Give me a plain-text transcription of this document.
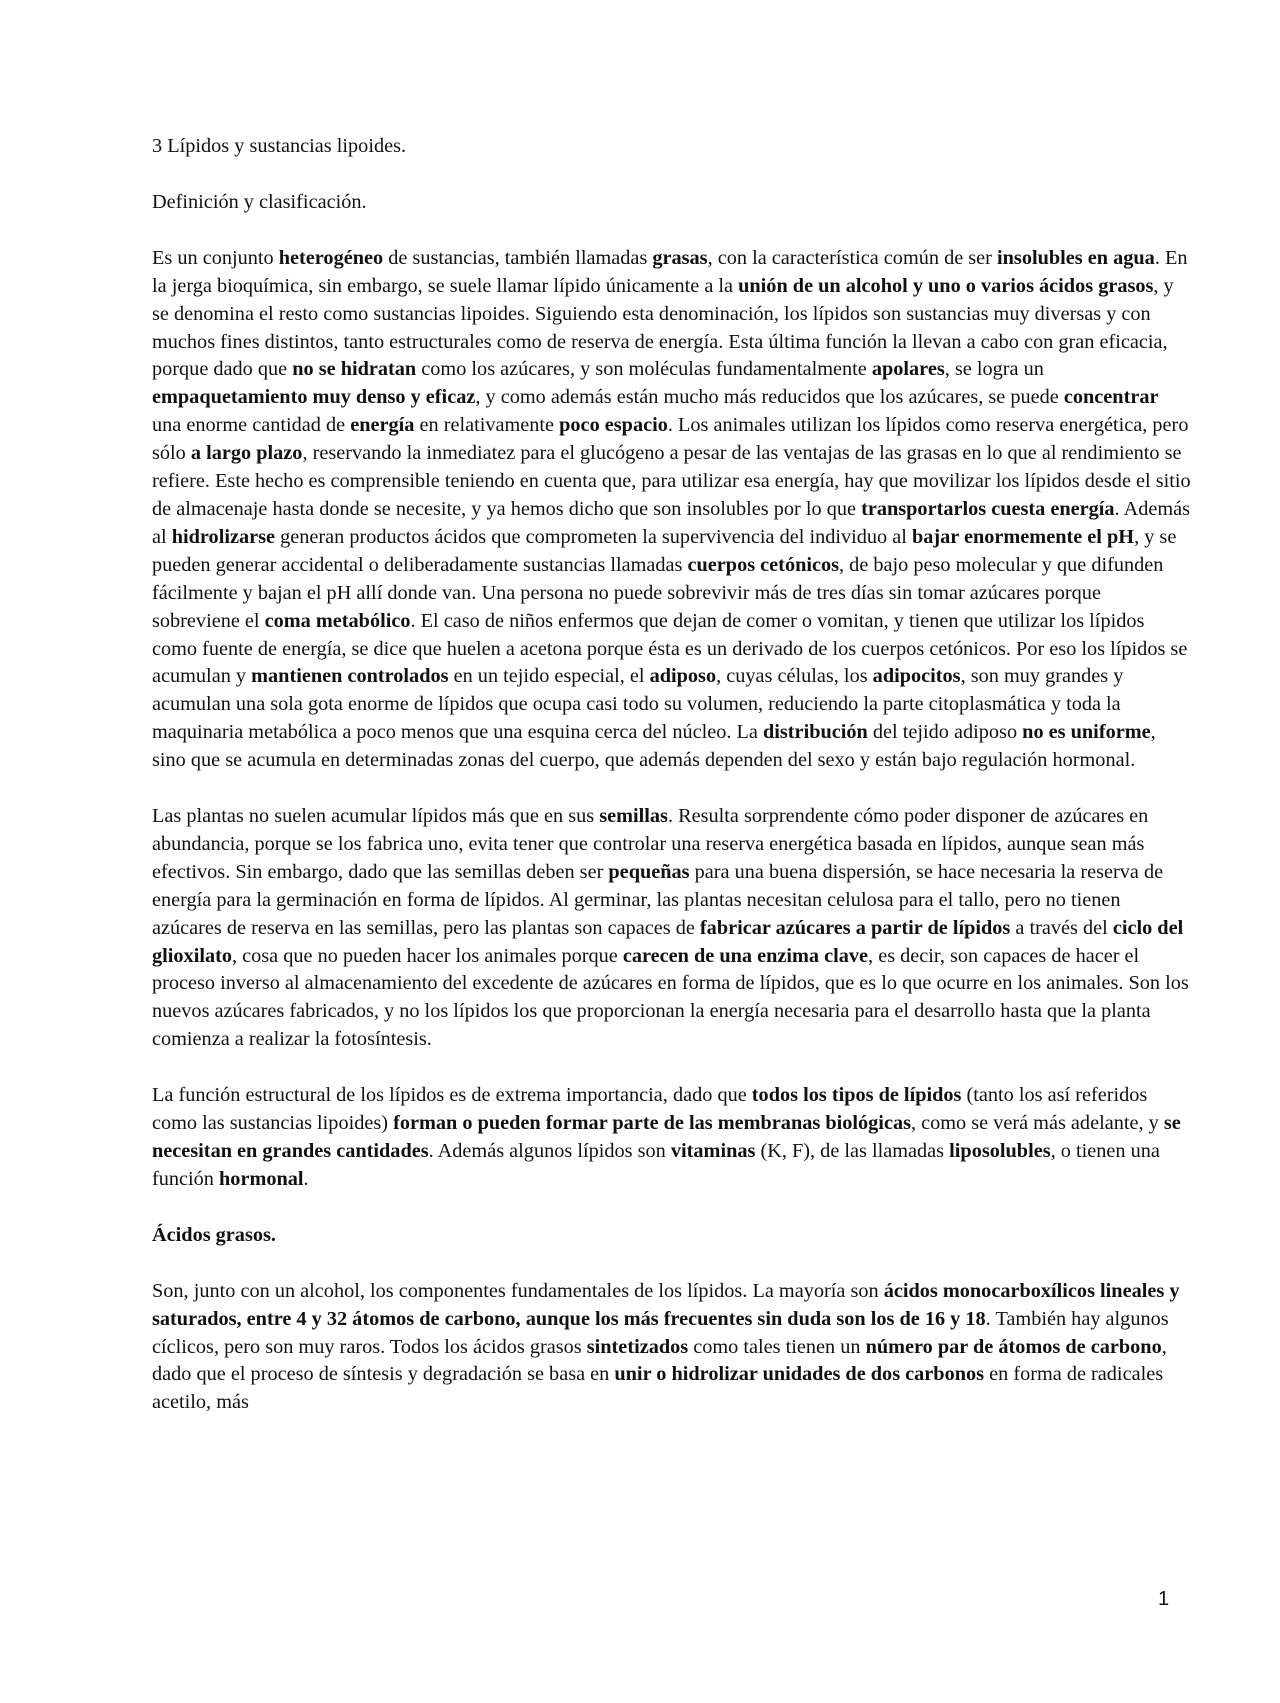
3 Lípidos y sustancias lipoides.

Definición y clasificación.

Es un conjunto heterogéneo de sustancias, también llamadas grasas, con la característica común de ser insolubles en agua. En la jerga bioquímica, sin embargo, se suele llamar lípido únicamente a la unión de un alcohol y uno o varios ácidos grasos, y se denomina el resto como sustancias lipoides. Siguiendo esta denominación, los lípidos son sustancias muy diversas y con muchos fines distintos, tanto estructurales como de reserva de energía. Esta última función la llevan a cabo con gran eficacia, porque dado que no se hidratan como los azúcares, y son moléculas fundamentalmente apolares, se logra un empaquetamiento muy denso y eficaz, y como además están mucho más reducidos que los azúcares, se puede concentrar una enorme cantidad de energía en relativamente poco espacio. Los animales utilizan los lípidos como reserva energética, pero sólo a largo plazo, reservando la inmediatez para el glucógeno a pesar de las ventajas de las grasas en lo que al rendimiento se refiere. Este hecho es comprensible teniendo en cuenta que, para utilizar esa energía, hay que movilizar los lípidos desde el sitio de almacenaje hasta donde se necesite, y ya hemos dicho que son insolubles por lo que transportarlos cuesta energía. Además al hidrolizarse generan productos ácidos que comprometen la supervivencia del individuo al bajar enormemente el pH, y se pueden generar accidental o deliberadamente sustancias llamadas cuerpos cetónicos, de bajo peso molecular y que difunden fácilmente y bajan el pH allí donde van. Una persona no puede sobrevivir más de tres días sin tomar azúcares porque sobreviene el coma metabólico. El caso de niños enfermos que dejan de comer o vomitan, y tienen que utilizar los lípidos como fuente de energía, se dice que huelen a acetona porque ésta es un derivado de los cuerpos cetónicos. Por eso los lípidos se acumulan y mantienen controlados en un tejido especial, el adiposo, cuyas células, los adipocitos, son muy grandes y acumulan una sola gota enorme de lípidos que ocupa casi todo su volumen, reduciendo la parte citoplasmática y toda la maquinaria metabólica a poco menos que una esquina cerca del núcleo. La distribución del tejido adiposo no es uniforme, sino que se acumula en determinadas zonas del cuerpo, que además dependen del sexo y están bajo regulación hormonal.

Las plantas no suelen acumular lípidos más que en sus semillas. Resulta sorprendente cómo poder disponer de azúcares en abundancia, porque se los fabrica uno, evita tener que controlar una reserva energética basada en lípidos, aunque sean más efectivos. Sin embargo, dado que las semillas deben ser pequeñas para una buena dispersión, se hace necesaria la reserva de energía para la germinación en forma de lípidos. Al germinar, las plantas necesitan celulosa para el tallo, pero no tienen azúcares de reserva en las semillas, pero las plantas son capaces de fabricar azúcares a partir de lípidos a través del ciclo del glioxilato, cosa que no pueden hacer los animales porque carecen de una enzima clave, es decir, son capaces de hacer el proceso inverso al almacenamiento del excedente de azúcares en forma de lípidos, que es lo que ocurre en los animales. Son los nuevos azúcares fabricados, y no los lípidos los que proporcionan la energía necesaria para el desarrollo hasta que la planta comienza a realizar la fotosíntesis.

La función estructural de los lípidos es de extrema importancia, dado que todos los tipos de lípidos (tanto los así referidos como las sustancias lipoides) forman o pueden formar parte de las membranas biológicas, como se verá más adelante, y se necesitan en grandes cantidades. Además algunos lípidos son vitaminas (K, F), de las llamadas liposolubles, o tienen una función hormonal.

Ácidos grasos.

Son, junto con un alcohol, los componentes fundamentales de los lípidos. La mayoría son ácidos monocarboxílicos lineales y saturados, entre 4 y 32 átomos de carbono, aunque los más frecuentes sin duda son los de 16 y 18. También hay algunos cíclicos, pero son muy raros. Todos los ácidos grasos sintetizados como tales tienen un número par de átomos de carbono, dado que el proceso de síntesis y degradación se basa en unir o hidrolizar unidades de dos carbonos en forma de radicales acetilo, más

1
